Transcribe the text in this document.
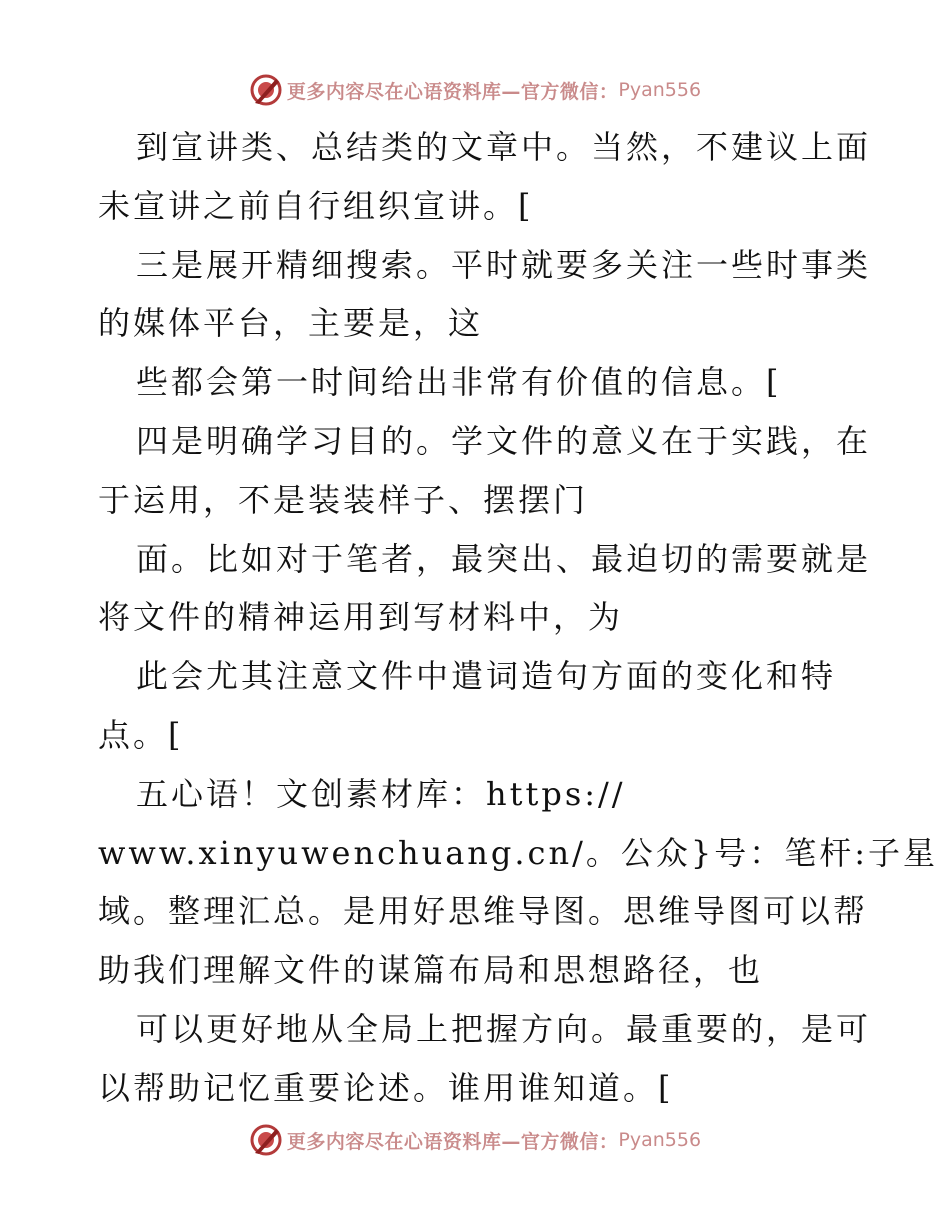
更多内容尽在心语资料库—官方微信： Pyan556
到宣讲类、总结类的文章中。当然，不建议上面
未宣讲之前自行组织宣讲。[
三是展开精细搜索。平时就要多关注一些时事类
的媒体平台，主要是，这
些都会第一时间给出非常有价值的信息。[
四是明确学习目的。学文件的意义在于实践，在
于运用，不是装装样子、摆摆门
面。比如对于笔者，最突出、最迫切的需要就是
将文件的精神运用到写材料中，为
此会尤其注意文件中遣词造句方面的变化和特
点。[
五心语！文创素材库：https://
www.xinyuwenchuang.cn/。公众}号：笔杆:子星
域。整理汇总。是用好思维导图。思维导图可以帮
助我们理解文件的谋篇布局和思想路径，也
可以更好地从全局上把握方向。最重要的，是可
以帮助记忆重要论述。谁用谁知道。[
更多内容尽在心语资料库—官方微信： Pyan556
